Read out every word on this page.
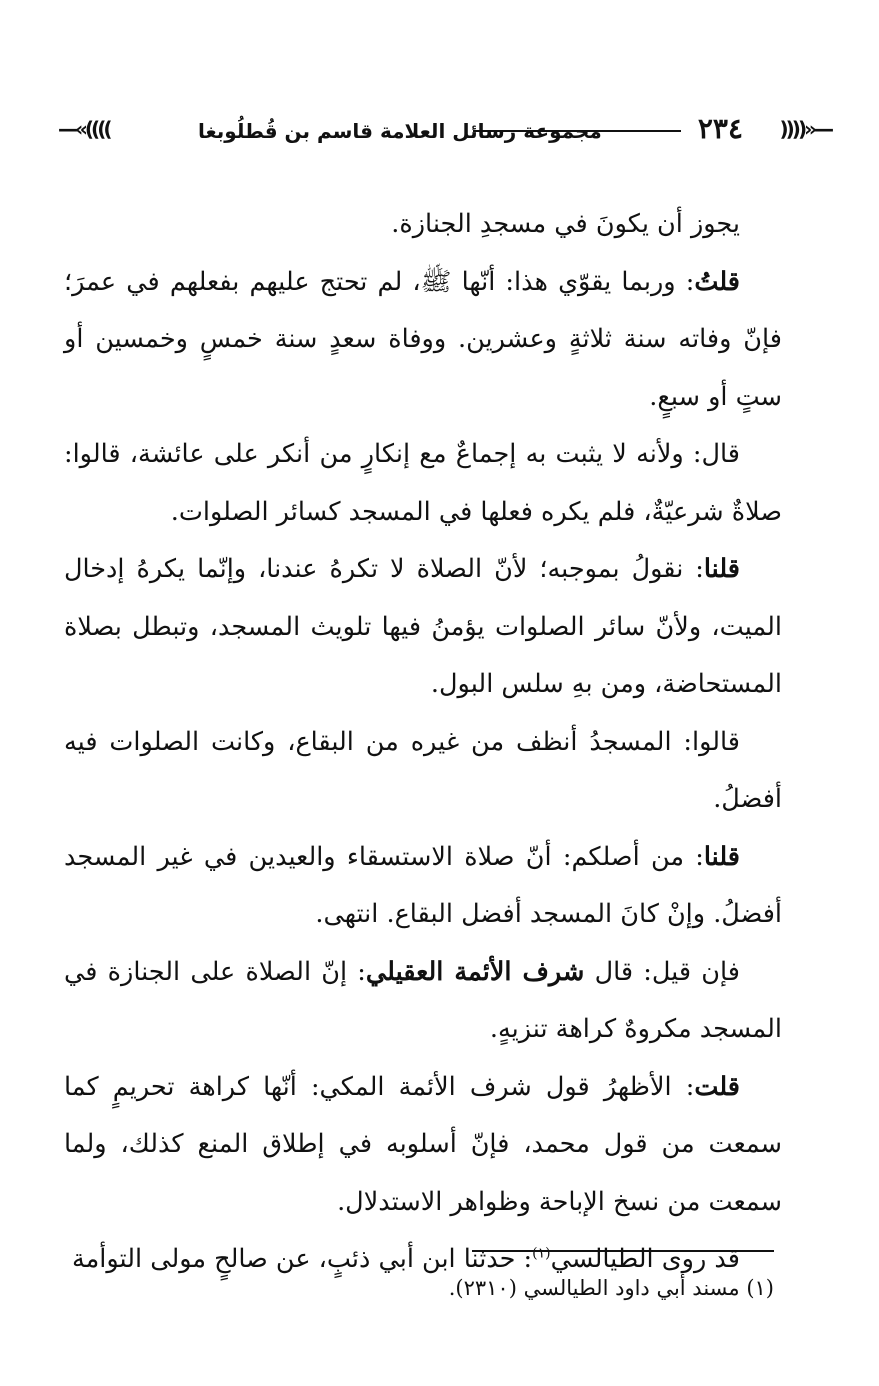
—«((((
٢٣٤
مجموعة رسائل العلامة قاسم بن قُطلُوبغا
))))»—

يجوز أن يكونَ في مسجدِ الجنازة.

قلتُ: وربما يقوّي هذا: أنّها ﷺ، لم تحتج عليهم بفعلهم في عمرَ؛ فإنّ وفاته سنة ثلاثةٍ وعشرين. ووفاة سعدٍ سنة خمسٍ وخمسين أو ستٍ أو سبعٍ.

قال: ولأنه لا يثبت به إجماعٌ مع إنكارٍ من أنكر على عائشة، قالوا: صلاةٌ شرعيّةٌ، فلم يكره فعلها في المسجد كسائر الصلوات.

قلنا: نقولُ بموجبه؛ لأنّ الصلاة لا تكرهُ عندنا، وإنّما يكرهُ إدخال الميت، ولأنّ سائر الصلوات يؤمنُ فيها تلويث المسجد، وتبطل بصلاة المستحاضة، ومن بهِ سلس البول.

قالوا: المسجدُ أنظف من غيره من البقاع، وكانت الصلوات فيه أفضلُ.

قلنا: من أصلكم: أنّ صلاة الاستسقاء والعيدين في غير المسجد أفضلُ. وإنْ كانَ المسجد أفضل البقاع. انتهى.

فإن قيل: قال شرف الأئمة العقيلي: إنّ الصلاة على الجنازة في المسجد مكروهٌ كراهة تنزيهٍ.

قلت: الأظهرُ قول شرف الأئمة المكي: أنّها كراهة تحريمٍ كما سمعت من قول محمد، فإنّ أسلوبه في إطلاق المنع كذلك، ولما سمعت من نسخ الإباحة وظواهر الاستدلال.

قد روى الطيالسي$^{(١)}$: حدثنا ابن أبي ذئبٍ، عن صالحٍ مولى التوأمة

(١) مسند أبي داود الطيالسي (٢٣١٠).
